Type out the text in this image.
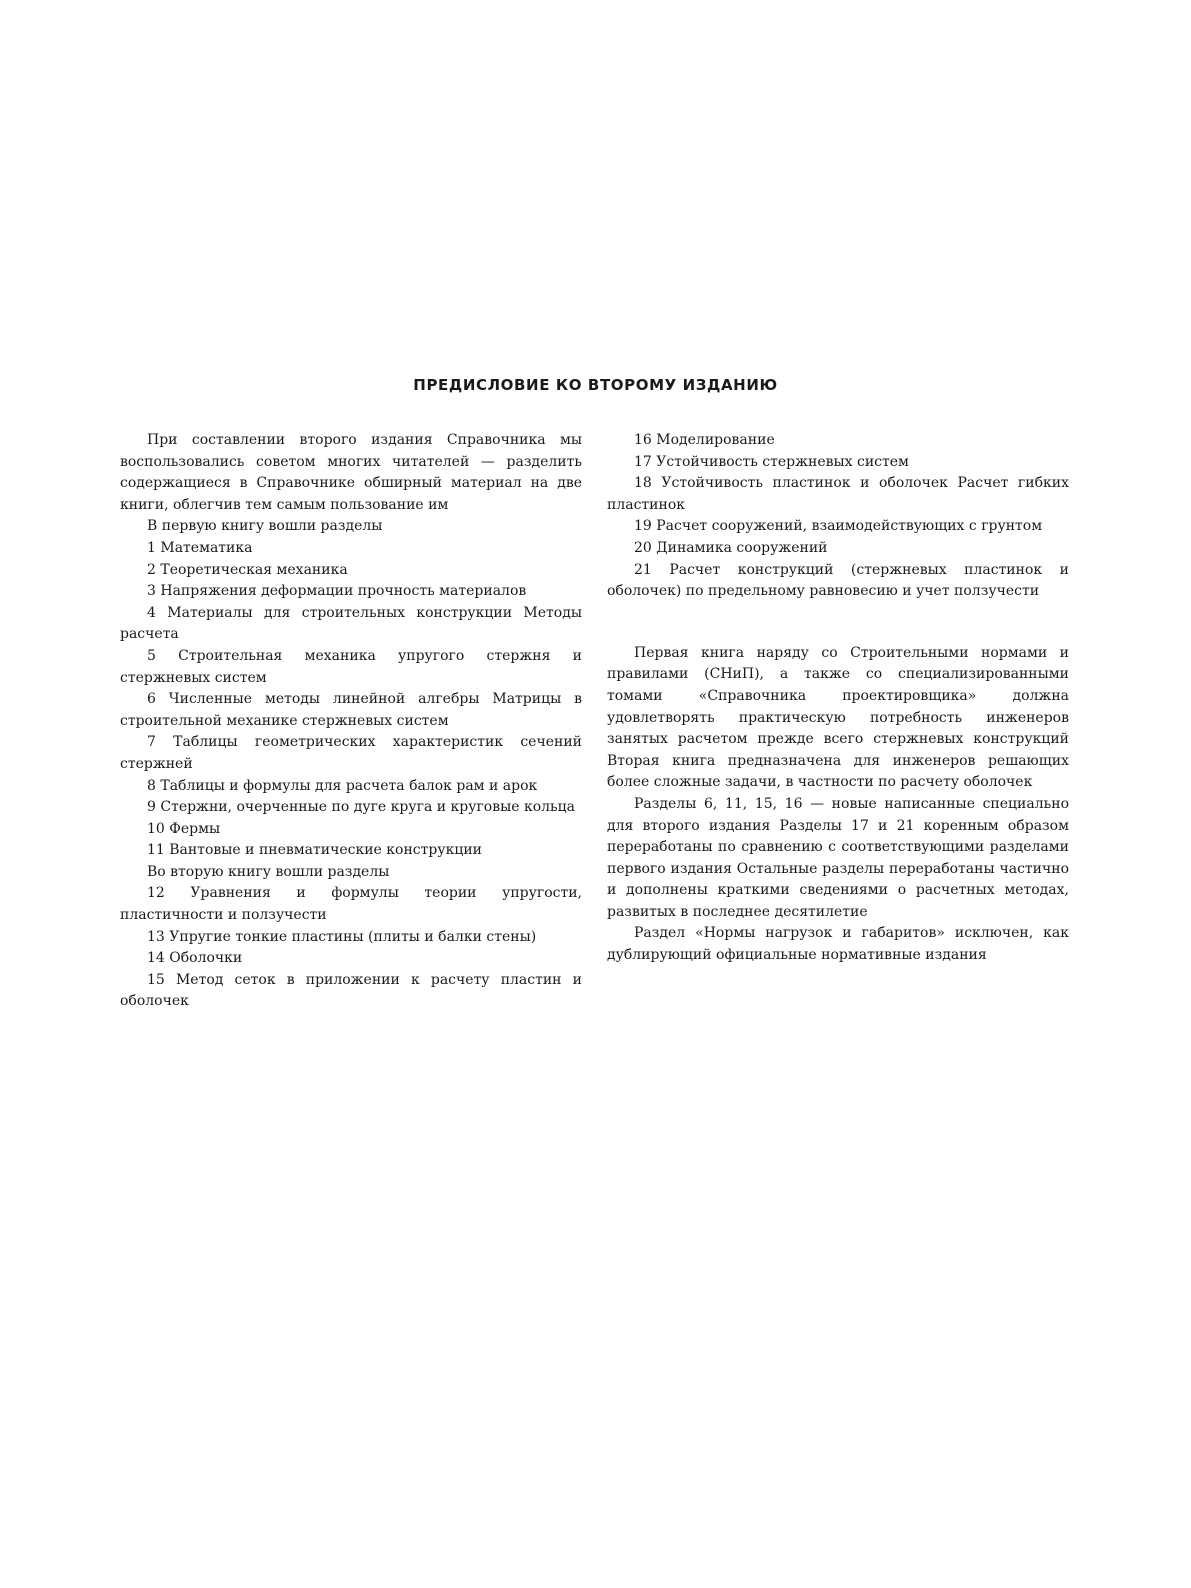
ПРЕДИСЛОВИЕ КО ВТОРОМУ ИЗДАНИЮ

При составлении второго издания Справочника мы воспользовались советом многих читателей — разделить содержащиеся в Справочнике обширный материал на две книги, облегчив тем самым пользование им

В первую книгу вошли разделы

1 Математика

2 Теоретическая механика

3 Напряжения деформации прочность материалов

4 Материалы для строительных конструкции Методы расчета

5 Строительная механика упругого стержня и стержневых систем

6 Численные методы линейной алгебры Матрицы в строительной механике стержневых систем

7 Таблицы геометрических характеристик сечений стержней

8 Таблицы и формулы для расчета балок рам и арок

9 Стержни, очерченные по дуге круга и круговые кольца

10 Фермы

11 Вантовые и пневматические конструкции

Во вторую книгу вошли разделы

12 Уравнения и формулы теории упругости, пластичности и ползучести

13 Упругие тонкие пластины (плиты и балки стены)

14 Оболочки

15 Метод сеток в приложении к расчету пластин и оболочек

16 Моделирование

17 Устойчивость стержневых систем

18 Устойчивость пластинок и оболочек Расчет гибких пластинок

19 Расчет сооружений, взаимодействующих с грунтом

20 Динамика сооружений

21 Расчет конструкций (стержневых пластинок и оболочек) по предельному равновесию и учет ползучести

Первая книга наряду со Строительными нормами и правилами (СНиП), а также со специализированными томами «Справочника проектировщика» должна удовлетворять практическую потребность инженеров занятых расчетом прежде всего стержневых конструкций Вторая книга предназначена для инженеров решающих более сложные задачи, в частности по расчету оболочек

Разделы 6, 11, 15, 16 — новые написанные специально для второго издания Разделы 17 и 21 коренным образом переработаны по сравнению с соответствующими разделами первого издания Остальные разделы переработаны частично и дополнены краткими сведениями о расчетных методах, развитых в последнее десятилетие

Раздел «Нормы нагрузок и габаритов» исключен, как дублирующий официальные нормативные издания
